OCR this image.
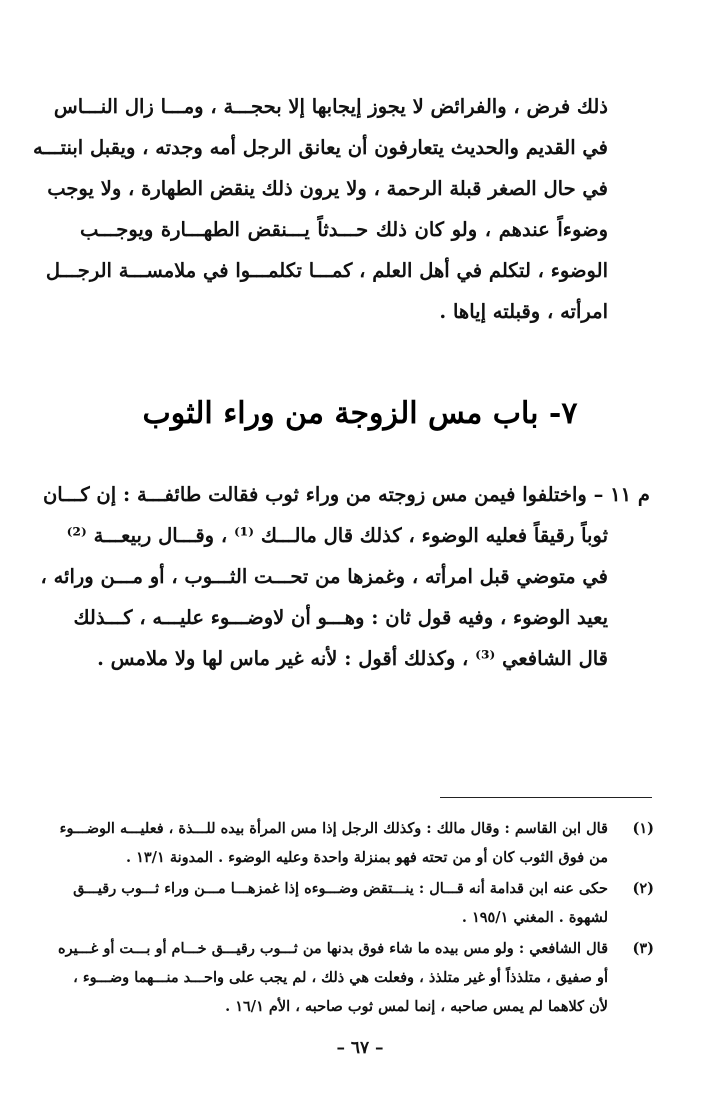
ذلك فرض ، والفرائض لا يجوز إيجابها إلا بحجـــة ، ومـــا زال النـــاس
في القديم والحديث يتعارفون أن يعانق الرجل أمه وجدته ، ويقبل ابنتـــه
في حال الصغر قبلة الرحمة ، ولا يرون ذلك ينقض الطهارة ، ولا يوجب
وضوءاً عندهم ، ولو كان ذلك حـــدثاً يـــنقض الطهـــارة ويوجـــب
الوضوء ، لتكلم في أهل العلم ، كمـــا تكلمـــوا في ملامســـة الرجـــل
امرأته ، وقبلته إياها .
٧- باب مس الزوجة من وراء الثوب
م ١١ – واختلفوا فيمن مس زوجته من وراء ثوب فقالت طائفـــة : إن كـــان
ثوباً رقيقاً فعليه الوضوء ، كذلك قال مالـــك ⁽¹⁾ ، وقـــال ربيعـــة ⁽²⁾
في متوضي قبل امرأته ، وغمزها من تحـــت الثـــوب ، أو مـــن ورائه ،
يعيد الوضوء ، وفيه قول ثان : وهـــو أن لاوضـــوء عليـــه ، كـــذلك
قال الشافعي ⁽³⁾ ، وكذلك أقول : لأنه غير ماس لها ولا ملامس .
(١)
قال ابن القاسم : وقال مالك : وكذلك الرجل إذا مس المرأة بيده للـــذة ، فعليـــه الوضـــوء
من فوق الثوب كان أو من تحته فهو بمنزلة واحدة وعليه الوضوء . المدونة ١٣/١ .
(٢)
حكى عنه ابن قدامة أنه قـــال : ينـــتقض وضـــوءه إذا غمزهـــا مـــن وراء ثـــوب رقيـــق
لشهوة . المغني ١٩٥/١ .
(٣)
قال الشافعي : ولو مس بيده ما شاء فوق بدنها من ثـــوب رقيـــق خـــام أو بـــت أو غـــيره
أو صفيق ، متلذذاً أو غير متلذذ ، وفعلت هي ذلك ، لم يجب على واحـــد منـــهما وضـــوء ،
لأن كلاهما لم يمس صاحبه ، إنما لمس ثوب صاحبه ، الأم ١٦/١ .
– ٦٧ –
